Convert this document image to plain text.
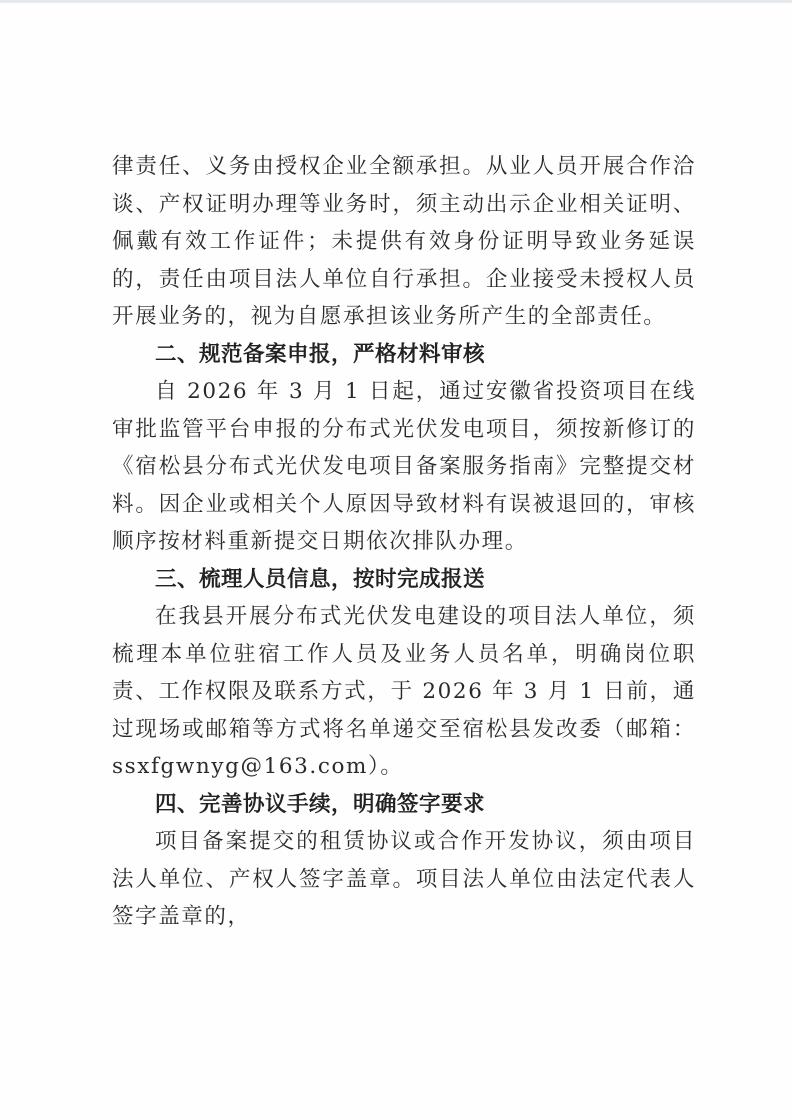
律责任、义务由授权企业全额承担。从业人员开展合作洽谈、产权证明办理等业务时，须主动出示企业相关证明、佩戴有效工作证件；未提供有效身份证明导致业务延误的，责任由项目法人单位自行承担。企业接受未授权人员开展业务的，视为自愿承担该业务所产生的全部责任。

二、规范备案申报，严格材料审核

自 2026 年 3 月 1 日起，通过安徽省投资项目在线审批监管平台申报的分布式光伏发电项目，须按新修订的《宿松县分布式光伏发电项目备案服务指南》完整提交材料。因企业或相关个人原因导致材料有误被退回的，审核顺序按材料重新提交日期依次排队办理。

三、梳理人员信息，按时完成报送

在我县开展分布式光伏发电建设的项目法人单位，须梳理本单位驻宿工作人员及业务人员名单，明确岗位职责、工作权限及联系方式，于 2026 年 3 月 1 日前，通过现场或邮箱等方式将名单递交至宿松县发改委（邮箱：ssxfgwnyg@163.com）。

四、完善协议手续，明确签字要求

项目备案提交的租赁协议或合作开发协议，须由项目法人单位、产权人签字盖章。项目法人单位由法定代表人签字盖章的，
